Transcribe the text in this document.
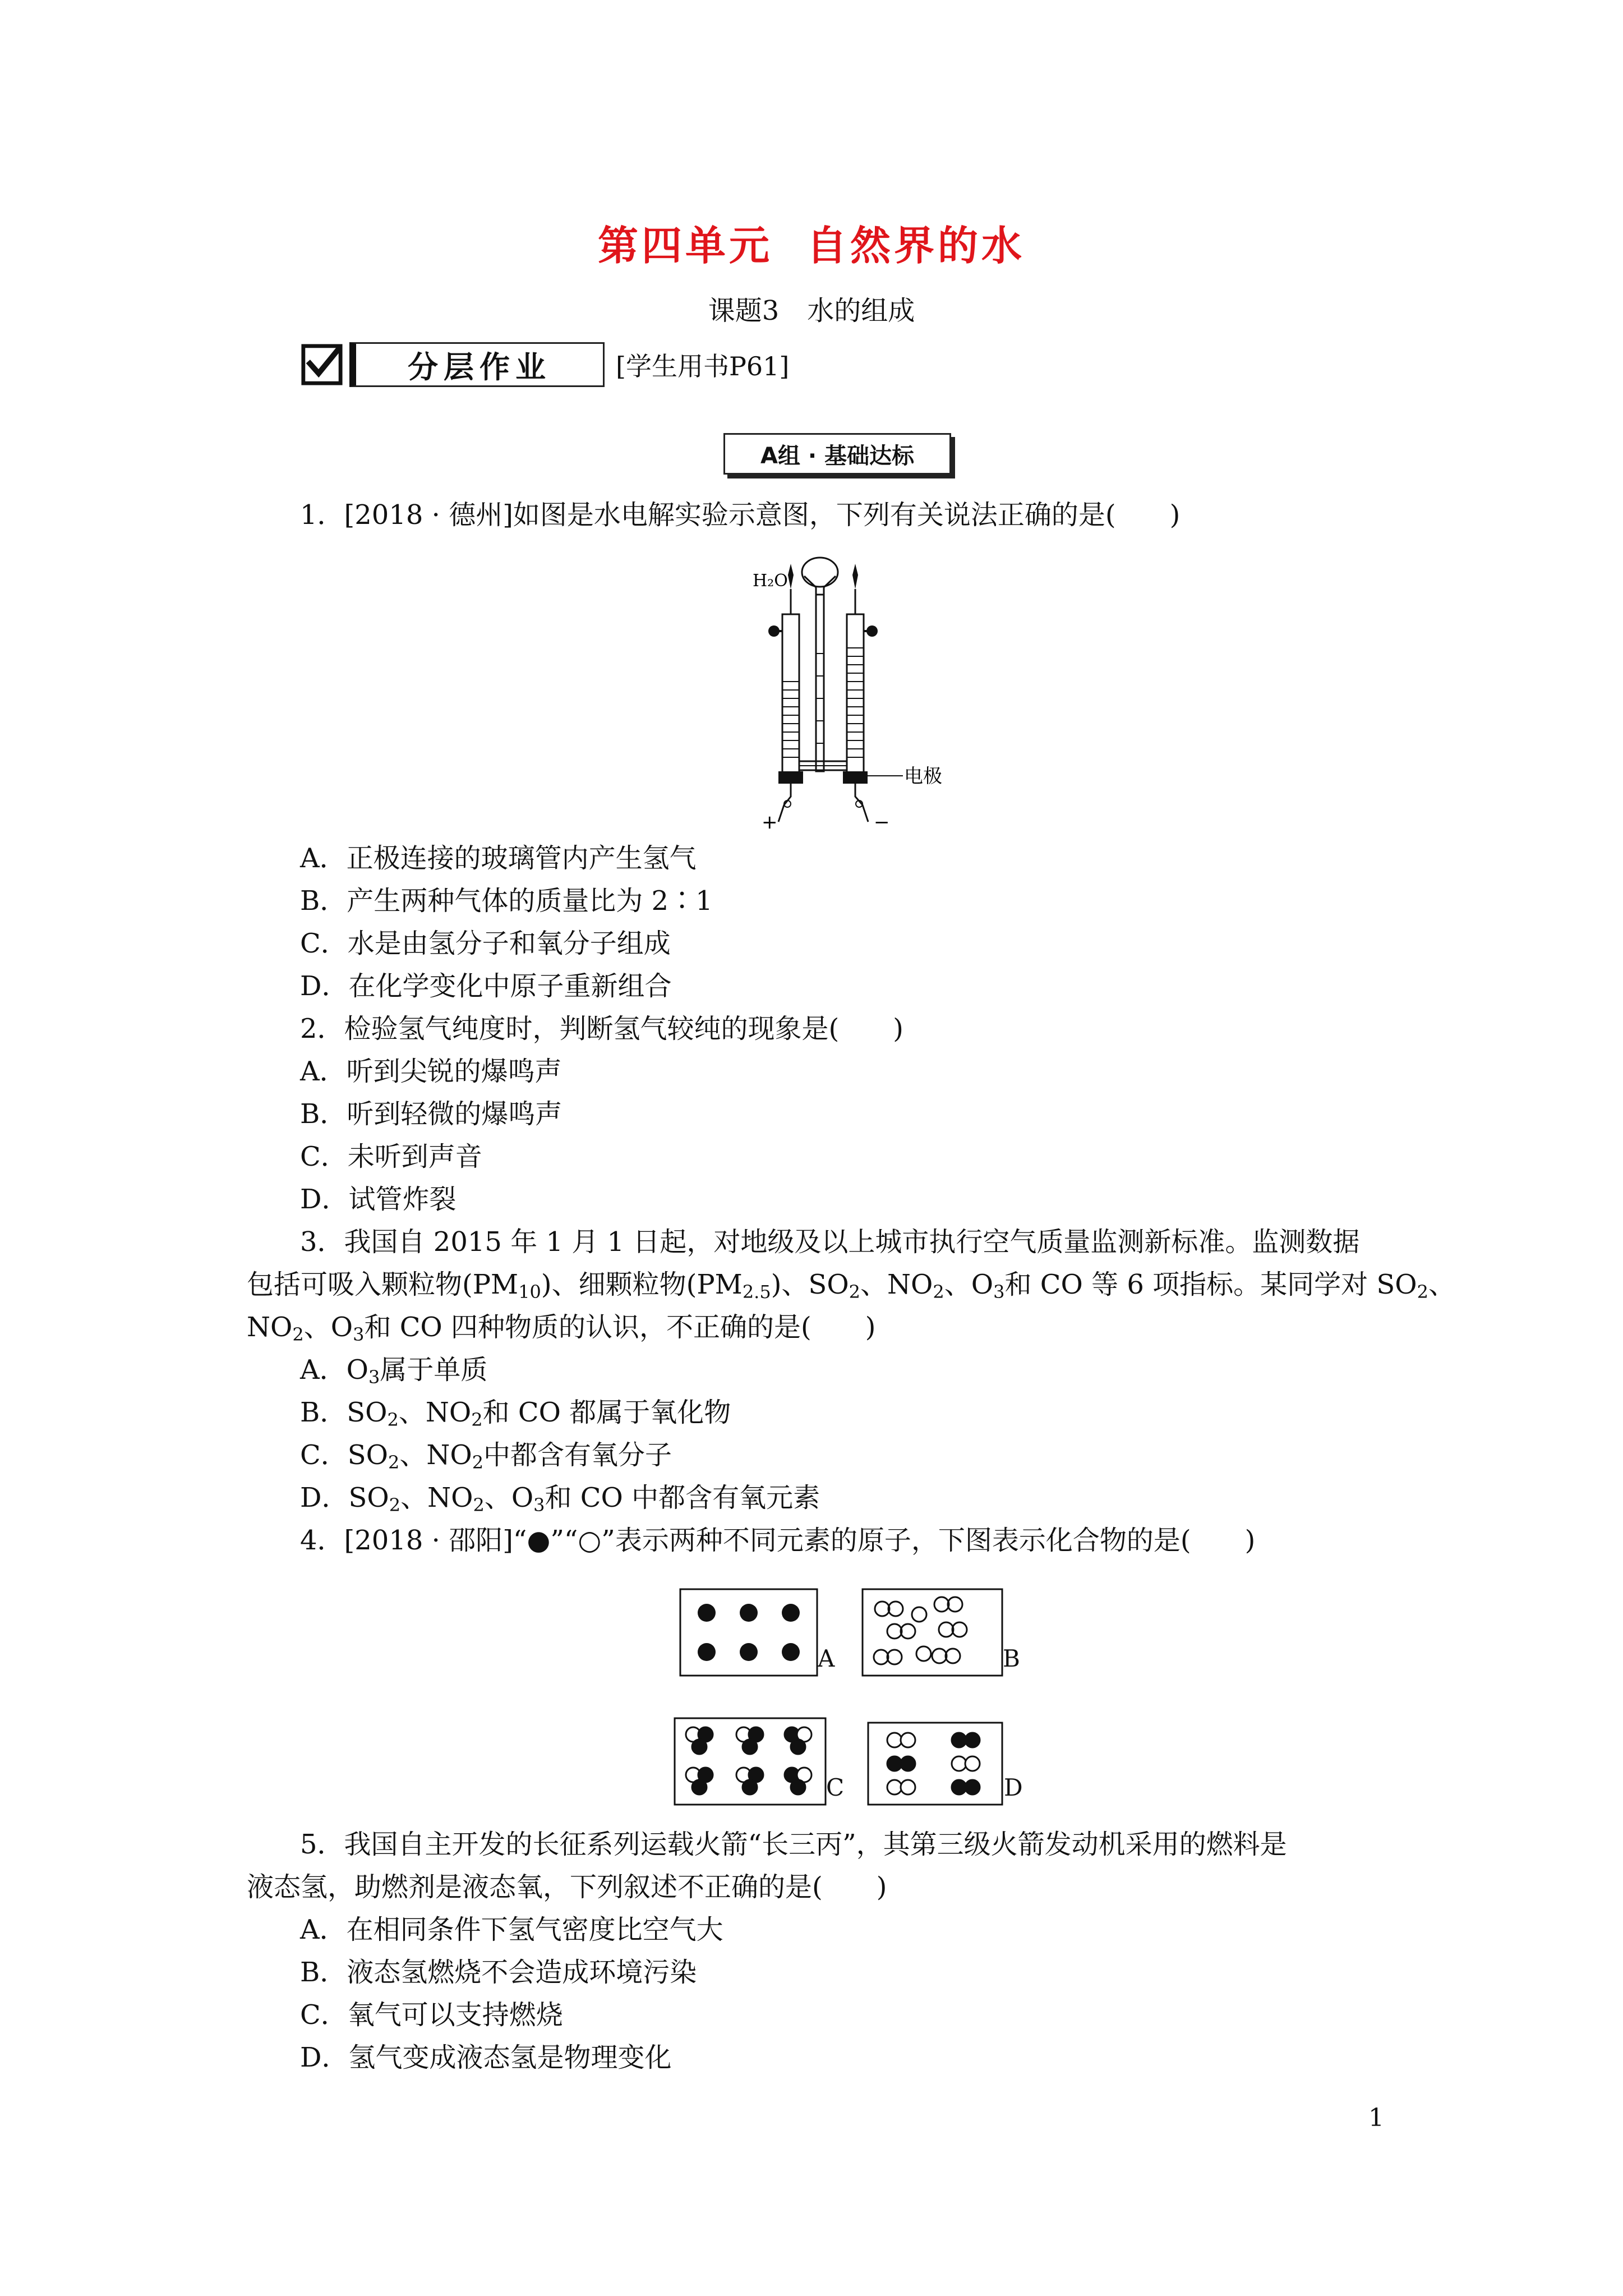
第四单元 自然界的水
课题3 水的组成
分层作业	[学生用书P61]
A组 · 基础达标
1．[2018 · 德州]如图是水电解实验示意图，下列有关说法正确的是(　　)
H₂O
电极
+	−
A．正极连接的玻璃管内产生氢气
B．产生两种气体的质量比为 2∶1
C．水是由氢分子和氧分子组成
D．在化学变化中原子重新组合
2．检验氢气纯度时，判断氢气较纯的现象是(　　)
A．听到尖锐的爆鸣声
B．听到轻微的爆鸣声
C．未听到声音
D．试管炸裂
3．我国自 2015 年 1 月 1 日起，对地级及以上城市执行空气质量监测新标准。监测数据
包括可吸入颗粒物$(PM_{10})$、细颗粒物$(PM_{2.5})$、$SO_2$、$NO_2$、$O_3$和 CO 等 6 项指标。某同学对 $SO_2$、
$NO_2$、$O_3$和 CO 四种物质的认识，不正确的是(　　)
A．$O_3$属于单质
B．$SO_2$、$NO_2$和 CO 都属于氧化物
C．$SO_2$、$NO_2$中都含有氧分子
D．$SO_2$、$NO_2$、$O_3$和 CO 中都含有氧元素
4．[2018 · 邵阳]“●”“○”表示两种不同元素的原子，下图表示化合物的是(　　)
A	B
C	D
5．我国自主开发的长征系列运载火箭“长三丙”，其第三级火箭发动机采用的燃料是
液态氢，助燃剂是液态氧，下列叙述不正确的是(　　)
A．在相同条件下氢气密度比空气大
B．液态氢燃烧不会造成环境污染
C．氧气可以支持燃烧
D．氢气变成液态氢是物理变化
1
